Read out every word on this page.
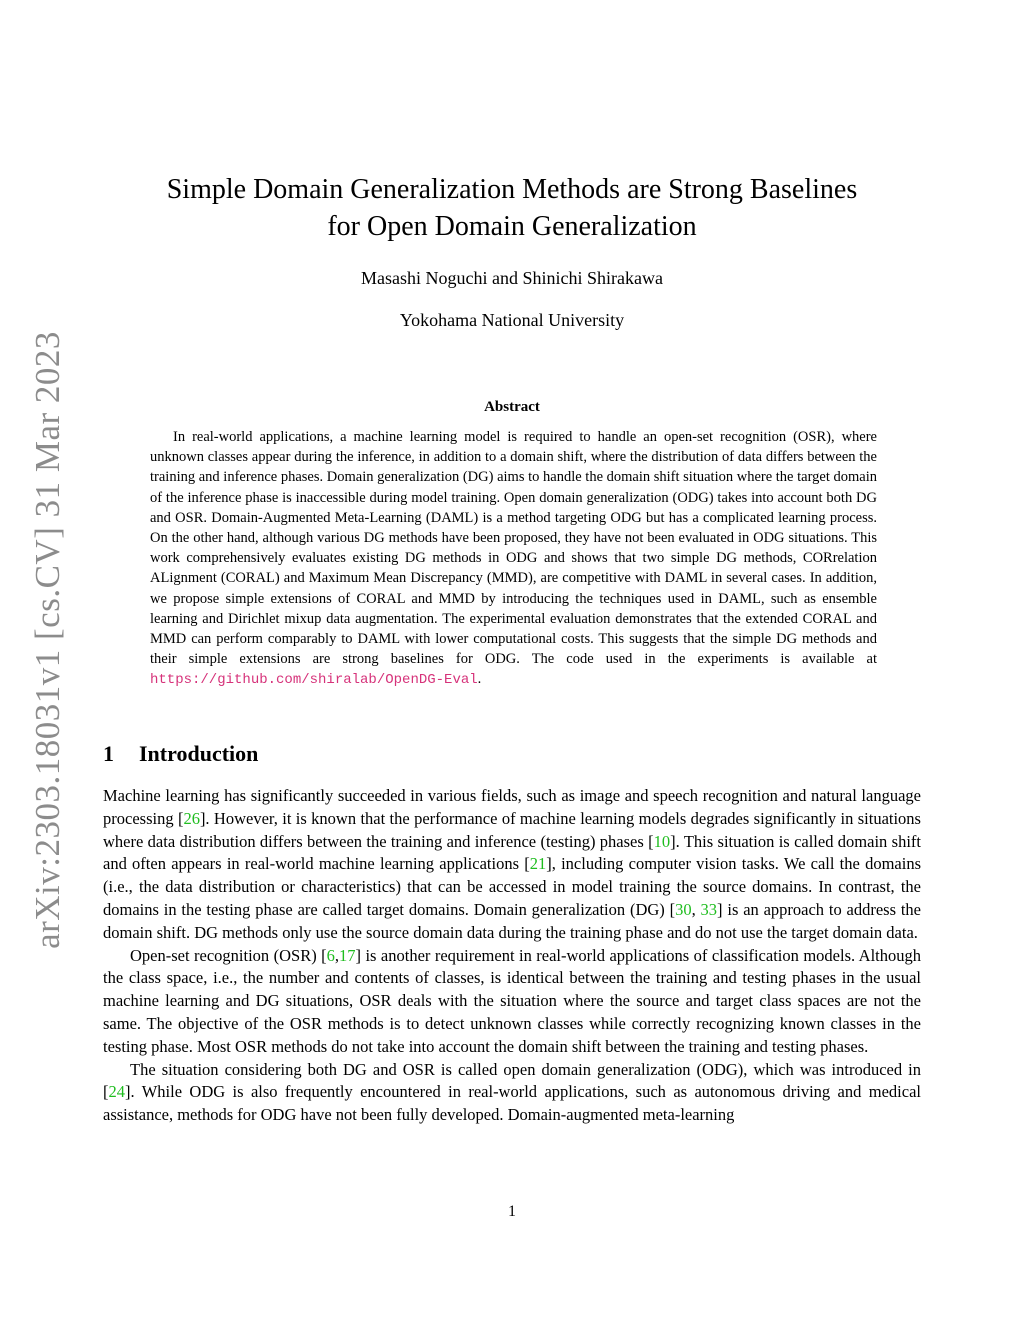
arXiv:2303.18031v1 [cs.CV] 31 Mar 2023
Simple Domain Generalization Methods are Strong Baselines
for Open Domain Generalization
Masashi Noguchi and Shinichi Shirakawa
Yokohama National University
Abstract
In real-world applications, a machine learning model is required to handle an open-set recognition (OSR), where unknown classes appear during the inference, in addition to a domain shift, where the distribution of data differs between the training and inference phases. Domain generalization (DG) aims to handle the domain shift situation where the target domain of the inference phase is inaccessible during model training. Open domain generalization (ODG) takes into account both DG and OSR. Domain-Augmented Meta-Learning (DAML) is a method targeting ODG but has a complicated learning process. On the other hand, although various DG methods have been proposed, they have not been evaluated in ODG situations. This work comprehensively evaluates existing DG methods in ODG and shows that two simple DG methods, CORrelation ALignment (CORAL) and Maximum Mean Discrepancy (MMD), are competitive with DAML in several cases. In addition, we propose simple extensions of CORAL and MMD by introducing the techniques used in DAML, such as ensemble learning and Dirichlet mixup data augmentation. The experimental evaluation demonstrates that the extended CORAL and MMD can perform comparably to DAML with lower computational costs. This suggests that the simple DG methods and their simple extensions are strong baselines for ODG. The code used in the experiments is available at https://github.com/shiralab/OpenDG-Eval.
1 Introduction

Machine learning has significantly succeeded in various fields, such as image and speech recognition and natural language processing [26]. However, it is known that the performance of machine learning models degrades significantly in situations where data distribution differs between the training and inference (testing) phases [10]. This situation is called domain shift and often appears in real-world machine learning applications [21], including computer vision tasks. We call the domains (i.e., the data distribution or characteristics) that can be accessed in model training the source domains. In contrast, the domains in the testing phase are called target domains. Domain generalization (DG) [30, 33] is an approach to address the domain shift. DG methods only use the source domain data during the training phase and do not use the target domain data.

Open-set recognition (OSR) [6,17] is another requirement in real-world applications of classification models. Although the class space, i.e., the number and contents of classes, is identical between the training and testing phases in the usual machine learning and DG situations, OSR deals with the situation where the source and target class spaces are not the same. The objective of the OSR methods is to detect unknown classes while correctly recognizing known classes in the testing phase. Most OSR methods do not take into account the domain shift between the training and testing phases.

The situation considering both DG and OSR is called open domain generalization (ODG), which was introduced in [24]. While ODG is also frequently encountered in real-world applications, such as autonomous driving and medical assistance, methods for ODG have not been fully developed. Domain-augmented meta-learning

1
